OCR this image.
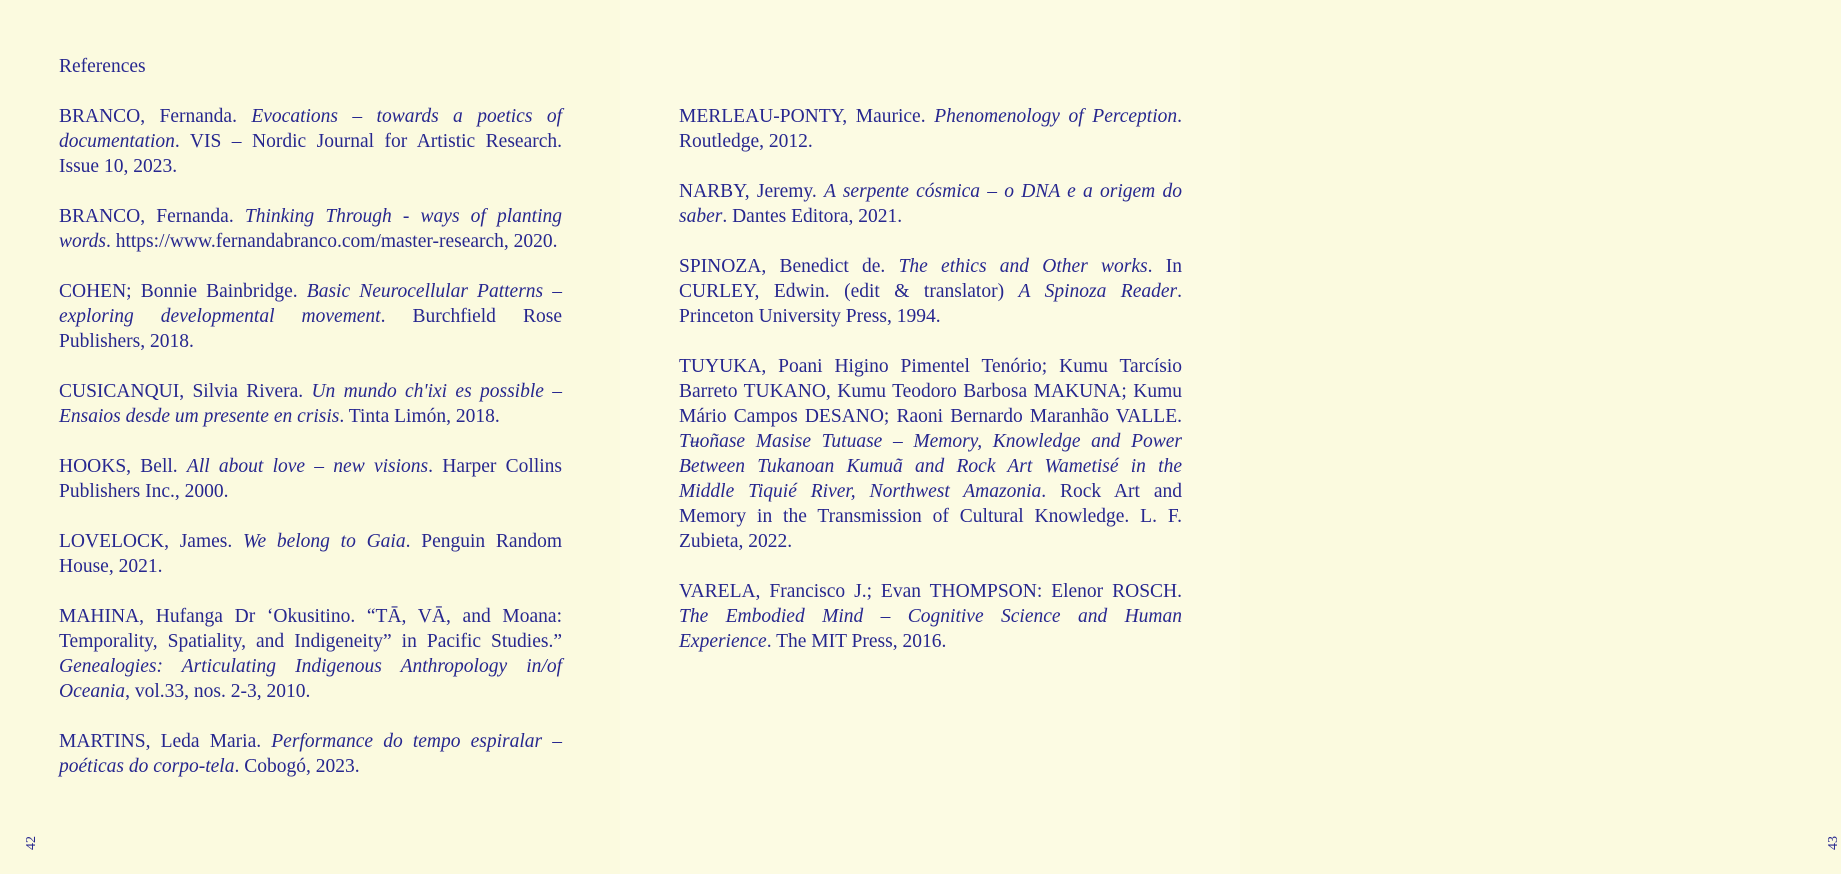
References

BRANCO, Fernanda. Evocations – towards a poetics of documentation. VIS – Nordic Journal for Artistic Research. Issue 10, 2023.

BRANCO, Fernanda. Thinking Through - ways of planting words. https://www.fernandabranco.com/master-research, 2020.

COHEN; Bonnie Bainbridge. Basic Neurocellular Patterns – exploring developmental movement. Burchfield Rose Publishers, 2018.

CUSICANQUI, Silvia Rivera. Un mundo ch'ixi es possible – Ensaios desde um presente en crisis. Tinta Limón, 2018.

HOOKS, Bell. All about love – new visions. Harper Collins Publishers Inc., 2000.

LOVELOCK, James. We belong to Gaia. Penguin Random House, 2021.

MAHINA, Hufanga Dr ‘Okusitino. “TĀ, VĀ, and Moana: Temporality, Spatiality, and Indigeneity” in Pacific Studies.” Genealogies: Articulating Indigenous Anthropology in/of Oceania, vol.33, nos. 2-3, 2010.

MARTINS, Leda Maria. Performance do tempo espiralar – poéticas do corpo-tela. Cobogó, 2023.

42

MERLEAU-PONTY, Maurice. Phenomenology of Perception. Routledge, 2012.

NARBY, Jeremy. A serpente cósmica – o DNA e a origem do saber. Dantes Editora, 2021.

SPINOZA, Benedict de. The ethics and Other works. In CURLEY, Edwin. (edit & translator) A Spinoza Reader. Princeton University Press, 1994.

TUYUKA, Poani Higino Pimentel Tenório; Kumu Tarcísio Barreto TUKANO, Kumu Teodoro Barbosa MAKUNA; Kumu Mário Campos DESANO; Raoni Bernardo Maranhão VALLE. Tʉoñase Masise Tutuase – Memory, Knowledge and Power Between Tukanoan Kumuã and Rock Art Wametisé in the Middle Tiquié River, Northwest Amazonia. Rock Art and Memory in the Transmission of Cultural Knowledge. L. F. Zubieta, 2022.

VARELA, Francisco J.; Evan THOMPSON: Elenor ROSCH. The Embodied Mind – Cognitive Science and Human Experience. The MIT Press, 2016.

43
